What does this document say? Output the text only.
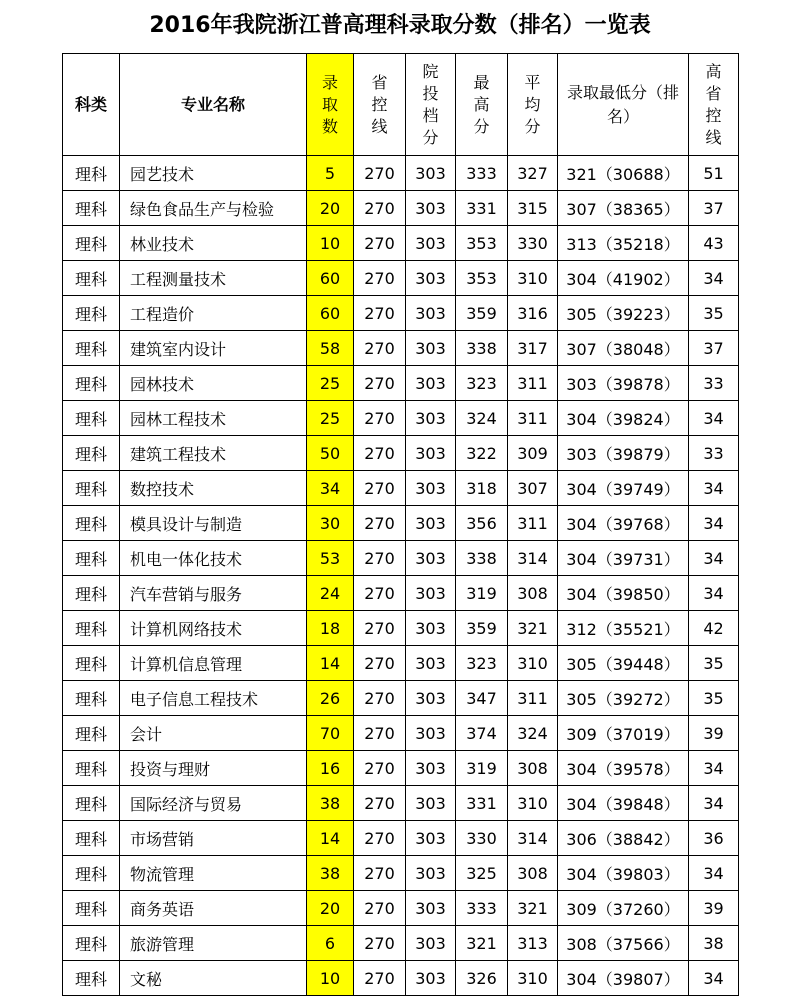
2016年我院浙江普高理科录取分数（排名）一览表
科类	专业名称	录取数	省控线	院投档分	最高分	平均分	录取最低分（排名）	高省控线
理科	园艺技术	5	270	303	333	327	321（30688）	51
理科	绿色食品生产与检验	20	270	303	331	315	307（38365）	37
理科	林业技术	10	270	303	353	330	313（35218）	43
理科	工程测量技术	60	270	303	353	310	304（41902）	34
理科	工程造价	60	270	303	359	316	305（39223）	35
理科	建筑室内设计	58	270	303	338	317	307（38048）	37
理科	园林技术	25	270	303	323	311	303（39878）	33
理科	园林工程技术	25	270	303	324	311	304（39824）	34
理科	建筑工程技术	50	270	303	322	309	303（39879）	33
理科	数控技术	34	270	303	318	307	304（39749）	34
理科	模具设计与制造	30	270	303	356	311	304（39768）	34
理科	机电一体化技术	53	270	303	338	314	304（39731）	34
理科	汽车营销与服务	24	270	303	319	308	304（39850）	34
理科	计算机网络技术	18	270	303	359	321	312（35521）	42
理科	计算机信息管理	14	270	303	323	310	305（39448）	35
理科	电子信息工程技术	26	270	303	347	311	305（39272）	35
理科	会计	70	270	303	374	324	309（37019）	39
理科	投资与理财	16	270	303	319	308	304（39578）	34
理科	国际经济与贸易	38	270	303	331	310	304（39848）	34
理科	市场营销	14	270	303	330	314	306（38842）	36
理科	物流管理	38	270	303	325	308	304（39803）	34
理科	商务英语	20	270	303	333	321	309（37260）	39
理科	旅游管理	6	270	303	321	313	308（37566）	38
理科	文秘	10	270	303	326	310	304（39807）	34
